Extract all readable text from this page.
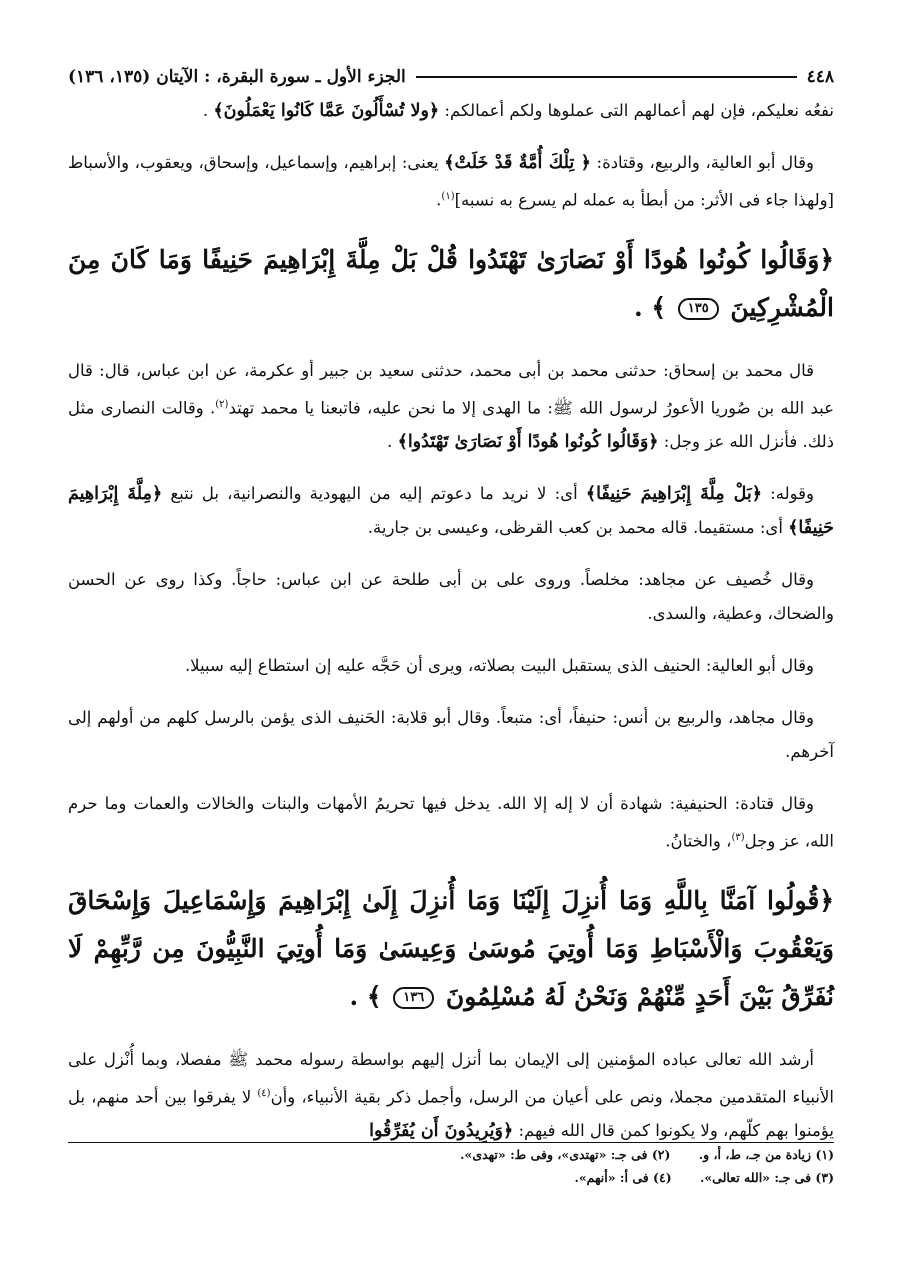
٤٤٨
الجزء الأول ـ سورة البقرة، : الآيتان (١٣٥، ١٣٦)

نفعُه نعليكم، فإن لهم أعمالهم التى عملوها ولكم أعمالكم: ﴿ولا تُسْأَلُونَ عَمَّا كَانُوا يَعْمَلُونَ﴾ .

وقال أبو العالية، والربيع، وقتادة: ﴿ تِلْكَ أُمَّةٌ قَدْ خَلَتْ﴾ يعنى: إبراهيم، وإسماعيل، وإسحاق، ويعقوب، والأسباط [ولهذا جاء فى الأثر: من أبطأ به عمله لم يسرع به نسبه]$^{(١)}$.

﴿وَقَالُوا كُونُوا هُودًا أَوْ نَصَارَىٰ تَهْتَدُوا قُلْ بَلْ مِلَّةَ إِبْرَاهِيمَ حَنِيفًا وَمَا كَانَ مِنَ الْمُشْرِكِينَ ١٣٥ ﴾ .

قال محمد بن إسحاق: حدثنى محمد بن أبى محمد، حدثنى سعيد بن جبير أو عكرمة، عن ابن عباس، قال: قال عبد الله بن صُوريا الأعورُ لرسول الله ﷺ: ما الهدى إلا ما نحن عليه، فاتبعنا يا محمد تهتد$^{(٢)}$. وقالت النصارى مثل ذلك. فأنزل الله عز وجل: ﴿وَقَالُوا كُونُوا هُودًا أَوْ نَصَارَىٰ تَهْتَدُوا﴾ .

وقوله: ﴿بَلْ مِلَّةَ إِبْرَاهِيمَ حَنِيفًا﴾ أى: لا نريد ما دعوتم إليه من اليهودية والنصرانية، بل نتبع ﴿مِلَّةَ إِبْرَاهِيمَ حَنِيفًا﴾ أى: مستقيما. قاله محمد بن كعب القرظى، وعيسى بن جارية.

وقال خُصيف عن مجاهد: مخلصاً. وروى على بن أبى طلحة عن ابن عباس: حاجاً. وكذا روى عن الحسن والضحاك، وعطية، والسدى.

وقال أبو العالية: الحنيف الذى يستقبل البيت بصلاته، ويرى أن حَجَّه عليه إن استطاع إليه سبيلا.

وقال مجاهد، والربيع بن أنس: حنيفاً، أى: متبعاً. وقال أبو قلابة: الحَنيف الذى يؤمن بالرسل كلهم من أولهم إلى آخرهم.

وقال قتادة: الحنيفية: شهادة أن لا إله إلا الله. يدخل فيها تحريمُ الأمهات والبنات والخالات والعمات وما حرم الله، عز وجل$^{(٣)}$، والختانُ.

﴿قُولُوا آمَنَّا بِاللَّهِ وَمَا أُنزِلَ إِلَيْنَا وَمَا أُنزِلَ إِلَىٰ إِبْرَاهِيمَ وَإِسْمَاعِيلَ وَإِسْحَاقَ وَيَعْقُوبَ وَالْأَسْبَاطِ وَمَا أُوتِيَ مُوسَىٰ وَعِيسَىٰ وَمَا أُوتِيَ النَّبِيُّونَ مِن رَّبِّهِمْ لَا نُفَرِّقُ بَيْنَ أَحَدٍ مِّنْهُمْ وَنَحْنُ لَهُ مُسْلِمُونَ ١٣٦ ﴾ .

أرشد الله تعالى عباده المؤمنين إلى الإيمان بما أنزل إليهم بواسطة رسوله محمد ﷺ مفصلا، وبما أُنْزل على الأنبياء المتقدمين مجملا، ونص على أعيان من الرسل، وأجمل ذكر بقية الأنبياء، وأن$^{(٤)}$ لا يفرقوا بين أحد منهم، بل يؤمنوا بهم كلّهم، ولا يكونوا كمن قال الله فيهم: ﴿وَيُرِيدُونَ أَن يُفَرِّقُوا

(١) زيادة من جـ، ط، أ، و. (٢) فى جـ: «تهتدى»، وفى ط: «تهدى».
(٣) فى جـ: «الله تعالى». (٤) فى أ: «أنهم».
